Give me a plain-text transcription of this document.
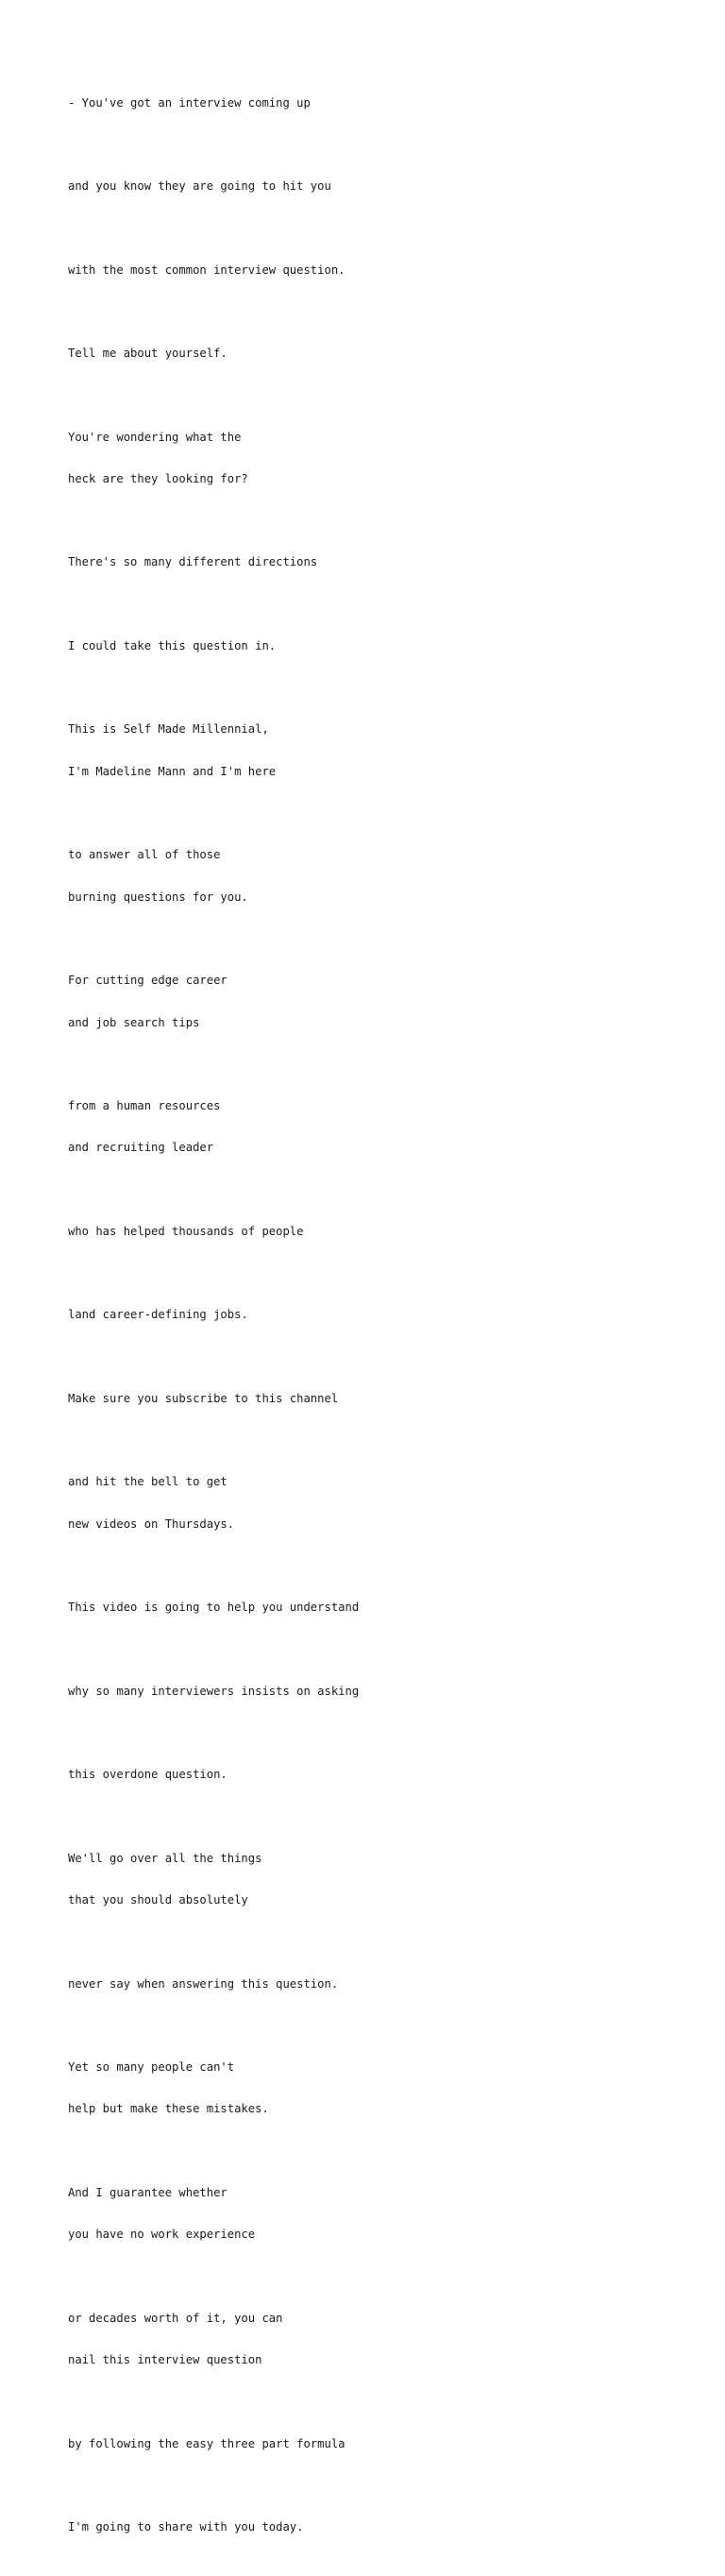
- You've got an interview coming up

and you know they are going to hit you

with the most common interview question.

Tell me about yourself.

You're wondering what the

heck are they looking for?

There's so many different directions

I could take this question in.

This is Self Made Millennial,

I'm Madeline Mann and I'm here

to answer all of those

burning questions for you.

For cutting edge career

and job search tips

from a human resources

and recruiting leader

who has helped thousands of people

land career-defining jobs.

Make sure you subscribe to this channel

and hit the bell to get

new videos on Thursdays.

This video is going to help you understand

why so many interviewers insists on asking

this overdone question.

We'll go over all the things

that you should absolutely

never say when answering this question.

Yet so many people can't

help but make these mistakes.

And I guarantee whether

you have no work experience

or decades worth of it, you can

nail this interview question

by following the easy three part formula

I'm going to share with you today.
